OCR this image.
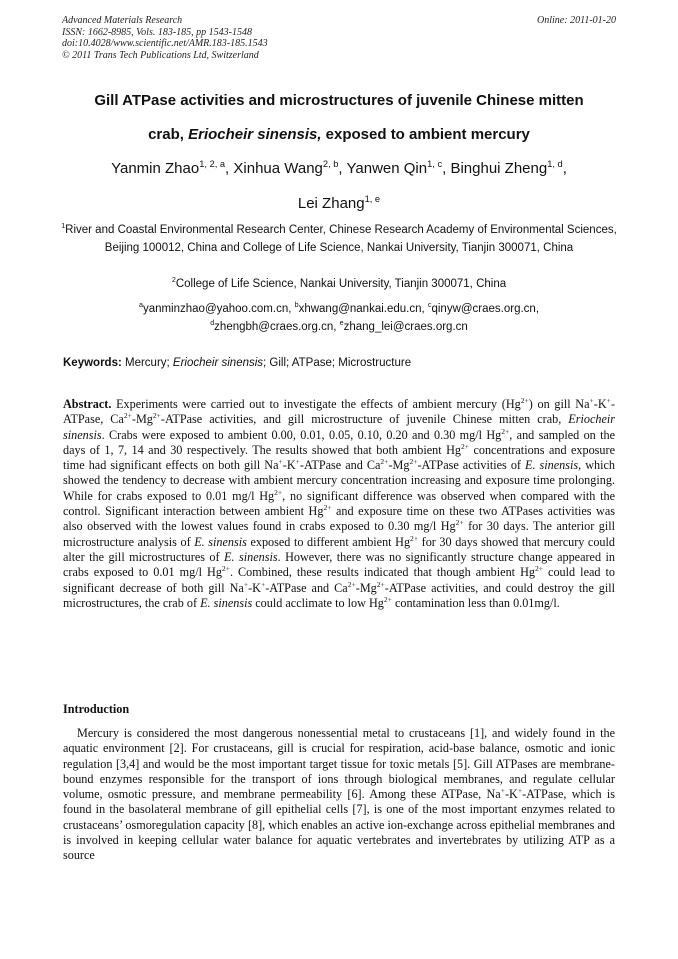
Advanced Materials Research
ISSN: 1662-8985, Vols. 183-185, pp 1543-1548
doi:10.4028/www.scientific.net/AMR.183-185.1543
© 2011 Trans Tech Publications Ltd, Switzerland
Online: 2011-01-20
Gill ATPase activities and microstructures of juvenile Chinese mitten
crab, Eriocheir sinensis, exposed to ambient mercury
Yanmin Zhao$^{1, 2, a}$, Xinhua Wang$^{2, b}$, Yanwen Qin$^{1, c}$, Binghui Zheng$^{1, d}$,
Lei Zhang$^{1, e}$
$^1$River and Coastal Environmental Research Center, Chinese Research Academy of Environmental Sciences, Beijing 100012, China and College of Life Science, Nankai University, Tianjin 300071, China
$^2$College of Life Science, Nankai University, Tianjin 300071, China
$^a$yanminzhao@yahoo.com.cn, $^b$xhwang@nankai.edu.cn, $^c$qinyw@craes.org.cn,
$^d$zhengbh@craes.org.cn, $^e$zhang_lei@craes.org.cn
Keywords: Mercury; Eriocheir sinensis; Gill; ATPase; Microstructure
Abstract. Experiments were carried out to investigate the effects of ambient mercury $(Hg^{2+})$ on gill Na+-K+-ATPase, $Ca^{2+}-Mg^{2+}$-ATPase activities, and gill microstructure of juvenile Chinese mitten crab, Eriocheir sinensis. Crabs were exposed to ambient 0.00, 0.01, 0.05, 0.10, 0.20 and 0.30 mg/l $Hg^{2+}$, and sampled on the days of 1, 7, 14 and 30 respectively. The results showed that both ambient $Hg^{2+}$ concentrations and exposure time had significant effects on both gill Na+-K+-ATPase and $Ca^{2+}-Mg^{2+}$-ATPase activities of E. sinensis, which showed the tendency to decrease with ambient mercury concentration increasing and exposure time prolonging. While for crabs exposed to 0.01 mg/l $Hg^{2+}$, no significant difference was observed when compared with the control. Significant interaction between ambient $Hg^{2+}$ and exposure time on these two ATPases activities was also observed with the lowest values found in crabs exposed to 0.30 mg/l $Hg^{2+}$ for 30 days. The anterior gill microstructure analysis of E. sinensis exposed to different ambient $Hg^{2+}$ for 30 days showed that mercury could alter the gill microstructures of E. sinensis. However, there was no significantly structure change appeared in crabs exposed to 0.01 mg/l $Hg^{2+}$. Combined, these results indicated that though ambient $Hg^{2+}$ could lead to significant decrease of both gill Na+-K+-ATPase and $Ca^{2+}-Mg^{2+}$-ATPase activities, and could destroy the gill microstructures, the crab of E. sinensis could acclimate to low $Hg^{2+}$ contamination less than 0.01mg/l.
Introduction
Mercury is considered the most dangerous nonessential metal to crustaceans [1], and widely found in the aquatic environment [2]. For crustaceans, gill is crucial for respiration, acid-base balance, osmotic and ionic regulation [3,4] and would be the most important target tissue for toxic metals [5]. Gill ATPases are membrane-bound enzymes responsible for the transport of ions through biological membranes, and regulate cellular volume, osmotic pressure, and membrane permeability [6]. Among these ATPase, Na+-K+-ATPase, which is found in the basolateral membrane of gill epithelial cells [7], is one of the most important enzymes related to crustaceans’ osmoregulation capacity [8], which enables an active ion-exchange across epithelial membranes and is involved in keeping cellular water balance for aquatic vertebrates and invertebrates by utilizing ATP as a source
